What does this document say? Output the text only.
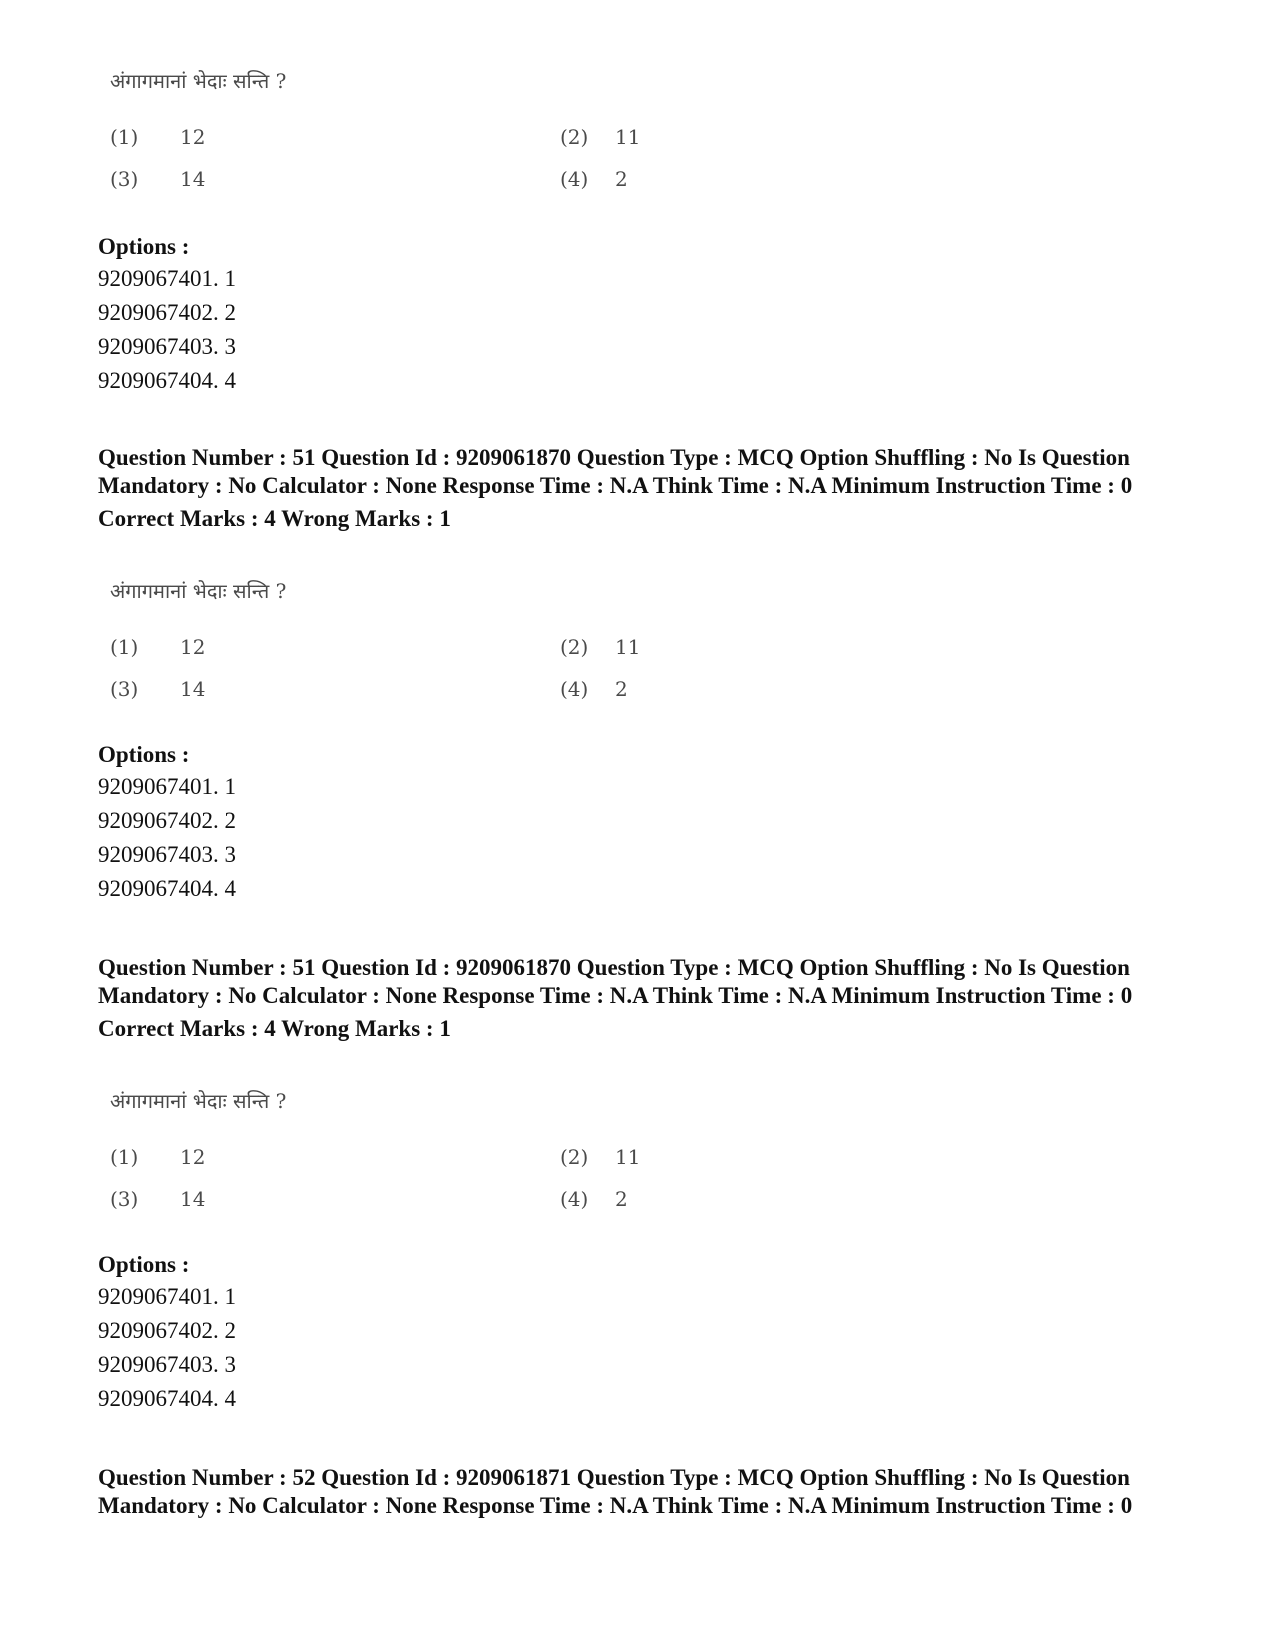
अंगागमानां भेदाः सन्ति ?
(1) 12	(2) 11
(3) 14	(4) 2

Options :

9209067401. 1

9209067402. 2

9209067403. 3

9209067404. 4

Question Number : 51 Question Id : 9209061870 Question Type : MCQ Option Shuffling : No Is Question Mandatory : No Calculator : None Response Time : N.A Think Time : N.A Minimum Instruction Time : 0

Correct Marks : 4 Wrong Marks : 1

अंगागमानां भेदाः सन्ति ?
(1) 12	(2) 11
(3) 14	(4) 2

Options :

9209067401. 1

9209067402. 2

9209067403. 3

9209067404. 4

Question Number : 51 Question Id : 9209061870 Question Type : MCQ Option Shuffling : No Is Question Mandatory : No Calculator : None Response Time : N.A Think Time : N.A Minimum Instruction Time : 0

Correct Marks : 4 Wrong Marks : 1

अंगागमानां भेदाः सन्ति ?
(1) 12	(2) 11
(3) 14	(4) 2

Options :

9209067401. 1

9209067402. 2

9209067403. 3

9209067404. 4

Question Number : 52 Question Id : 9209061871 Question Type : MCQ Option Shuffling : No Is Question Mandatory : No Calculator : None Response Time : N.A Think Time : N.A Minimum Instruction Time : 0
